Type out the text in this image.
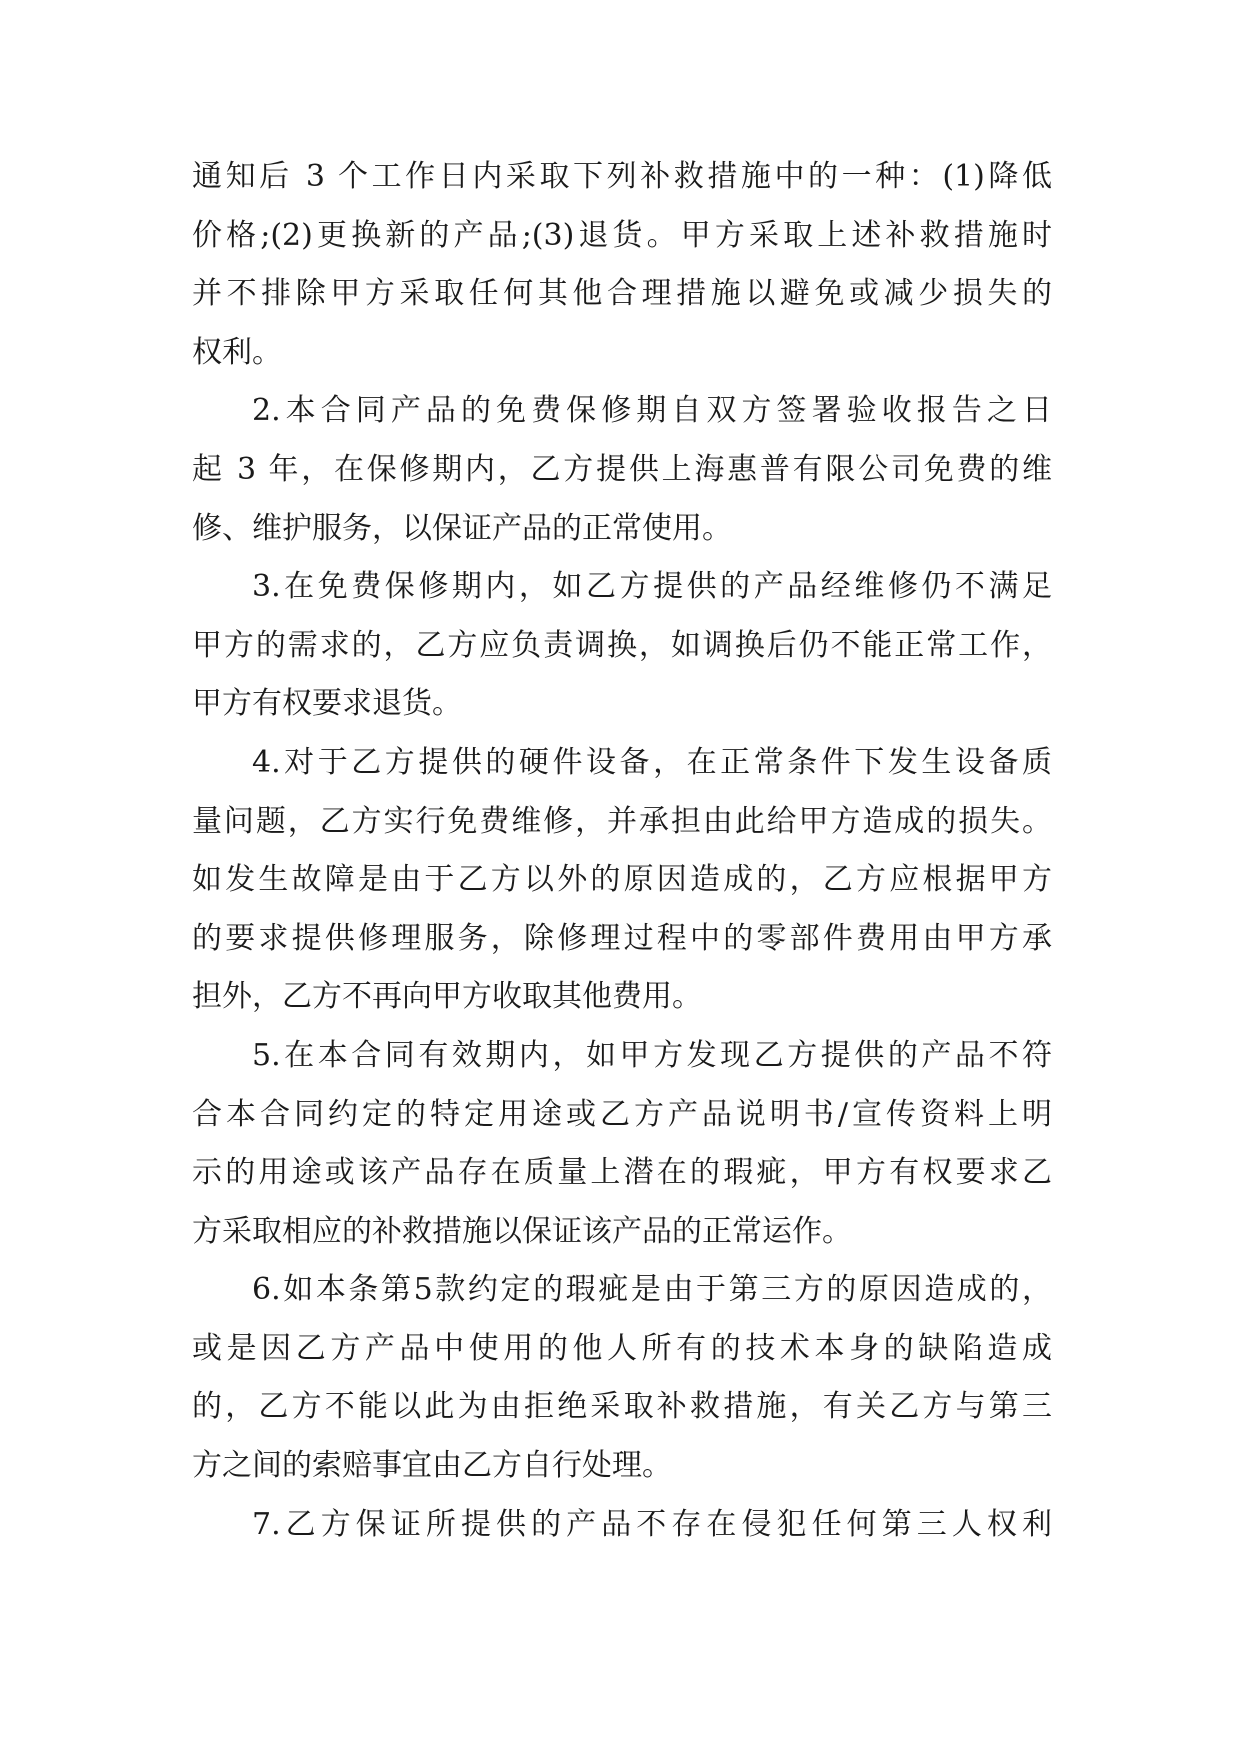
通知后 3 个工作日内采取下列补救措施中的一种：(1)降低
价格;(2)更换新的产品;(3)退货。甲方采取上述补救措施时
并不排除甲方采取任何其他合理措施以避免或减少损失的
权利。
2.本合同产品的免费保修期自双方签署验收报告之日
起 3 年，在保修期内，乙方提供上海惠普有限公司免费的维
修、维护服务，以保证产品的正常使用。
3.在免费保修期内，如乙方提供的产品经维修仍不满足
甲方的需求的，乙方应负责调换，如调换后仍不能正常工作，
甲方有权要求退货。
4.对于乙方提供的硬件设备，在正常条件下发生设备质
量问题，乙方实行免费维修，并承担由此给甲方造成的损失。
如发生故障是由于乙方以外的原因造成的，乙方应根据甲方
的要求提供修理服务，除修理过程中的零部件费用由甲方承
担外，乙方不再向甲方收取其他费用。
5.在本合同有效期内，如甲方发现乙方提供的产品不符
合本合同约定的特定用途或乙方产品说明书/宣传资料上明
示的用途或该产品存在质量上潜在的瑕疵，甲方有权要求乙
方采取相应的补救措施以保证该产品的正常运作。
6.如本条第5款约定的瑕疵是由于第三方的原因造成的，
或是因乙方产品中使用的他人所有的技术本身的缺陷造成
的，乙方不能以此为由拒绝采取补救措施，有关乙方与第三
方之间的索赔事宜由乙方自行处理。
7.乙方保证所提供的产品不存在侵犯任何第三人权利
